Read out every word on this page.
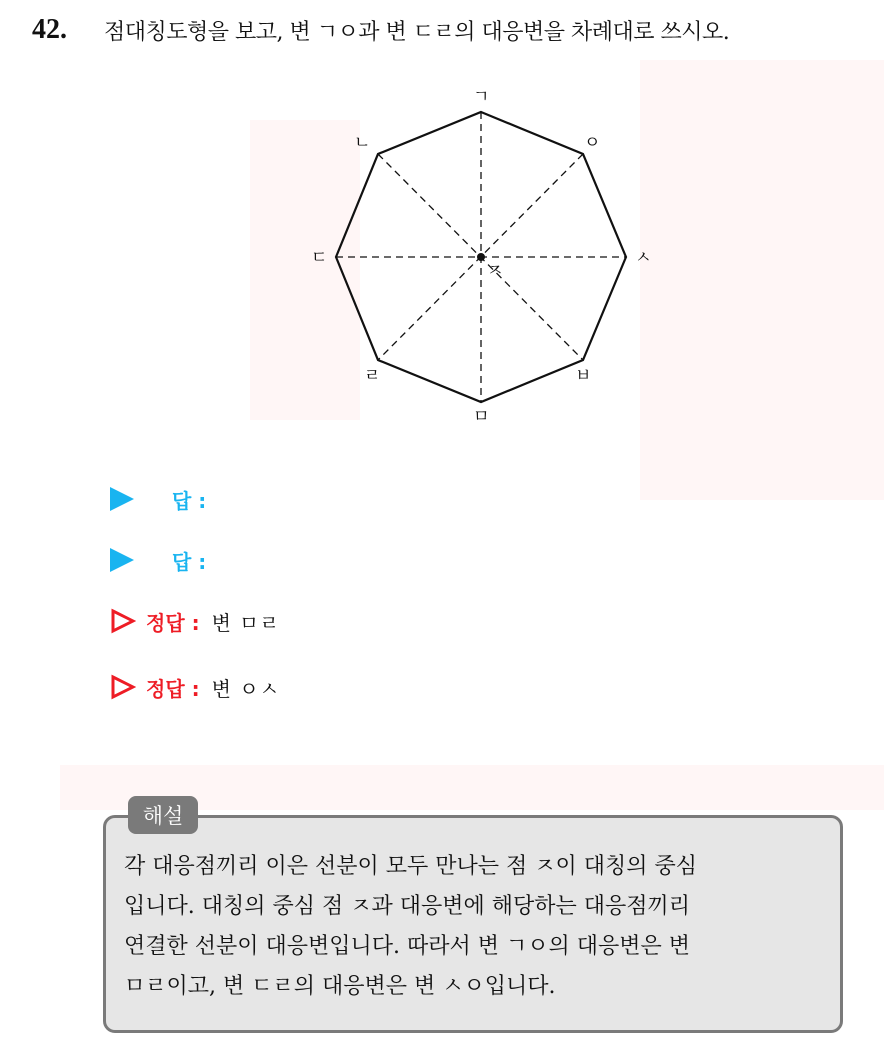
42. 점대칭도형을 보고, 변 ㄱㅇ과 변 ㄷㄹ의 대응변을 차례대로 쓰시오.
ㄱ
ㄴ	ㅇ
ㄷ	ㅅ
ㄹ	ㅂ
ㅁ
ㅈ
답 :
답 :
정답 : 변 ㅁㄹ
정답 : 변 ㅇㅅ
해설
각 대응점끼리 이은 선분이 모두 만나는 점 ㅈ이 대칭의 중심
입니다. 대칭의 중심 점 ㅈ과 대응변에 해당하는 대응점끼리
연결한 선분이 대응변입니다. 따라서 변 ㄱㅇ의 대응변은 변
ㅁㄹ이고, 변 ㄷㄹ의 대응변은 변 ㅅㅇ입니다.
